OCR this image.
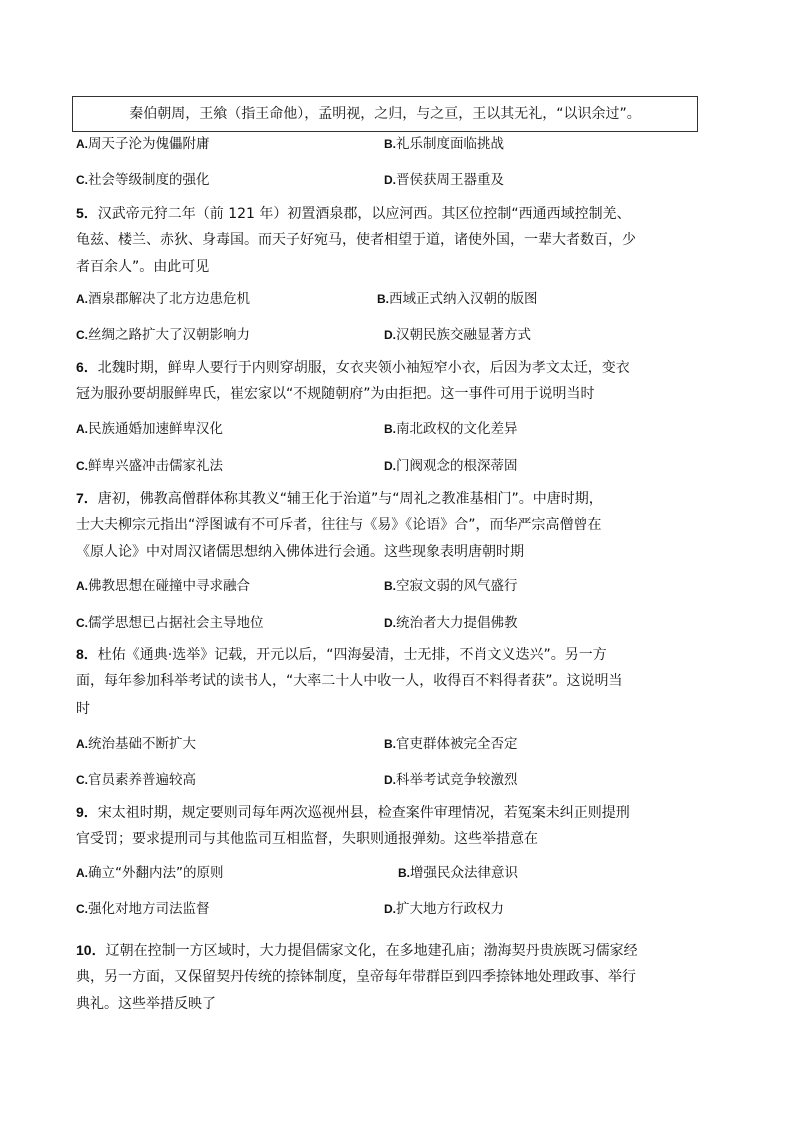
秦伯朝周，王飨（指王命他），孟明视，之归，与之亘，王以其无礼，“以识余过”。
A.周天子沦为傀儡附庸	B.礼乐制度面临挑战
C.社会等级制度的强化	D.晋侯获周王器重及
5．汉武帝元狩二年（前 121 年）初置酒泉郡，以应河西。其区位控制“西通西域控制羌、
龟兹、楼兰、赤狄、身毒国。而天子好宛马，使者相望于道，诸使外国，一辈大者数百，少
者百余人”。由此可见
A.酒泉郡解决了北方边患危机	B.西域正式纳入汉朝的版图
C.丝绸之路扩大了汉朝影响力	D.汉朝民族交融显著方式
6．北魏时期，鲜卑人要行于内则穿胡服，女衣夹领小袖短窄小衣，后因为孝文太迁，变衣
冠为服孙要胡服鲜卑氏，崔宏家以“不规随朝府”为由拒把。这一事件可用于说明当时
A.民族通婚加速鲜卑汉化	B.南北政权的文化差异
C.鲜卑兴盛冲击儒家礼法	D.门阀观念的根深蒂固
7．唐初，佛教高僧群体称其教义“辅王化于治道”与“周礼之教准基相门”。中唐时期，
士大夫柳宗元指出“浮图诚有不可斥者，往往与《易》《论语》合”，而华严宗高僧曾在
《原人论》中对周汉诸儒思想纳入佛体进行会通。这些现象表明唐朝时期
A.佛教思想在碰撞中寻求融合	B.空寂文弱的风气盛行
C.儒学思想已占据社会主导地位	D.统治者大力提倡佛教
8．杜佑《通典·选举》记载，开元以后，“四海晏清，士无排，不肖文义迭兴”。另一方
面，每年参加科举考试的读书人，“大率二十人中收一人，收得百不料得者获”。这说明当
时
A.统治基础不断扩大	B.官吏群体被完全否定
C.官员素养普遍较高	D.科举考试竞争较激烈
9．宋太祖时期，规定要则司每年两次巡视州县，检查案件审理情况，若冤案未纠正则提刑
官受罚；要求提刑司与其他监司互相监督，失职则通报弹劾。这些举措意在
A.确立“外翻内法”的原则	B.增强民众法律意识
C.强化对地方司法监督	D.扩大地方行政权力
10．辽朝在控制一方区域时，大力提倡儒家文化，在多地建孔庙；渤海契丹贵族既习儒家经
典，另一方面，又保留契丹传统的捺钵制度，皇帝每年带群臣到四季捺钵地处理政事、举行
典礼。这些举措反映了
